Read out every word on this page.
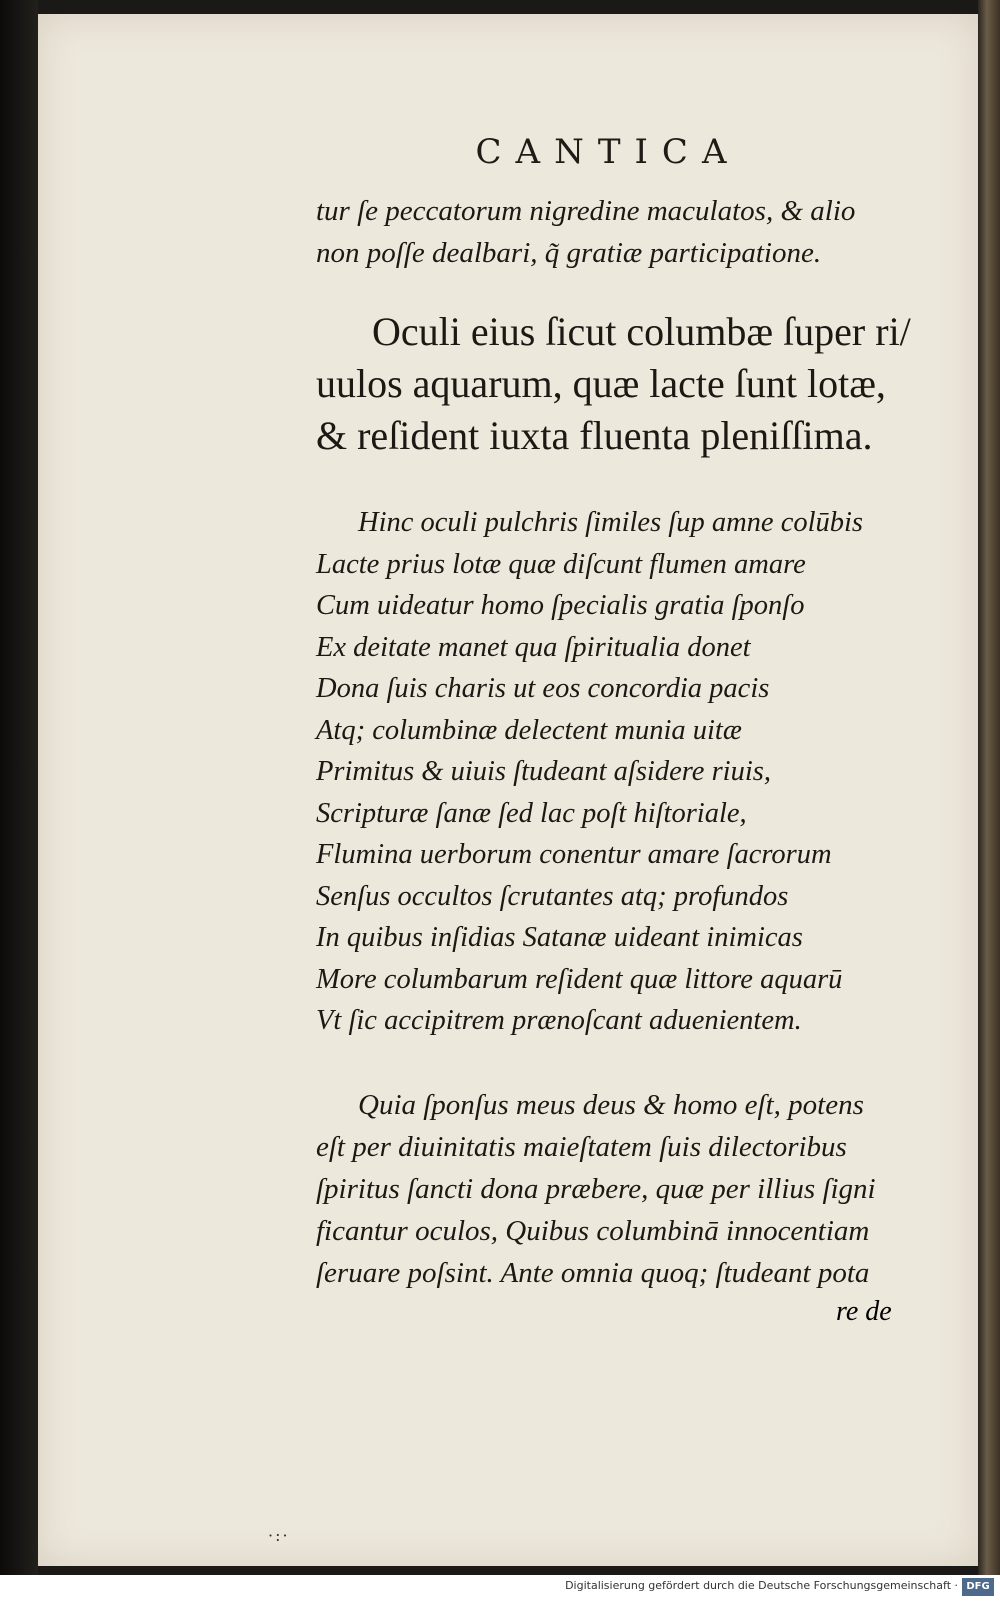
CANTICA
tur ſe peccatorum nigredine maculatos, & alio
non poſſe dealbari, q̃ gratiæ participatione.
Oculi eius ſicut columbæ ſuper ri/
uulos aquarum, quæ lacte ſunt lotæ,
& reſident iuxta fluenta pleniſſima.
Hinc oculi pulchris ſimiles ſup amne colūbis
Lacte prius lotæ quæ diſcunt flumen amare
Cum uideatur homo ſpecialis gratia ſponſo
Ex deitate manet qua ſpiritualia donet
Dona ſuis charis ut eos concordia pacis
Atq; columbinæ delectent munia uitæ
Primitus & uiuis ſtudeant aſsidere riuis,
Scripturæ ſanæ ſed lac poſt hiſtoriale,
Flumina uerborum conentur amare ſacrorum
Senſus occultos ſcrutantes atq; profundos
In quibus inſidias Satanæ uideant inimicas
More columbarum reſident quæ littore aquarū
Vt ſic accipitrem prænoſcant aduenientem.
Quia ſponſus meus deus & homo eſt, potens
eſt per diuinitatis maieſtatem ſuis dilectoribus
ſpiritus ſancti dona præbere, quæ per illius ſigni
ficantur oculos, Quibus columbinā innocentiam
ſeruare poſsint. Ante omnia quoq; ſtudeant pota
re de
·:·
Digitalisierung gefördert durch die Deutsche Forschungsgemeinschaft · DFG
